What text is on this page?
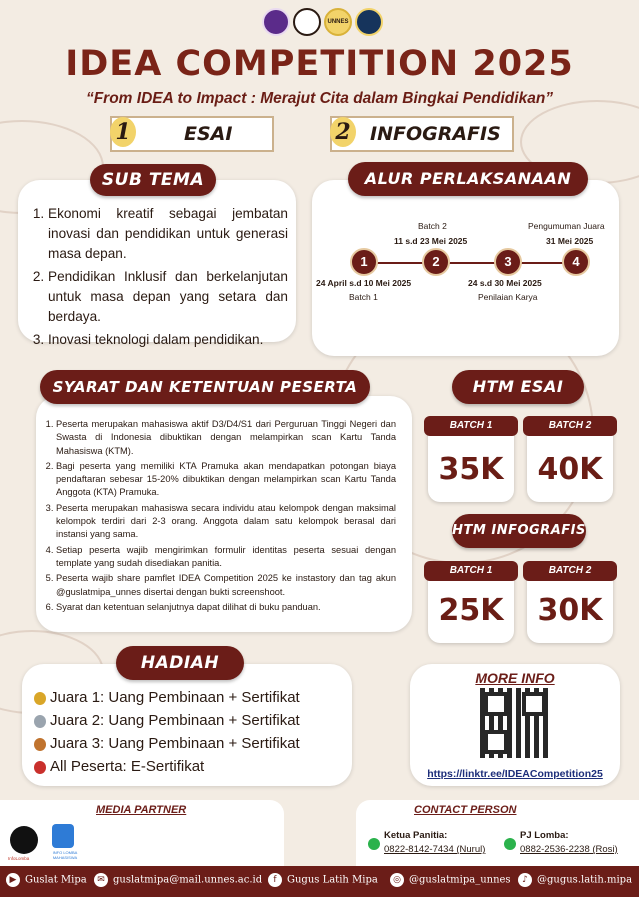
UNNES
IDEA COMPETITION 2025
“From IDEA to Impact : Merajut Cita dalam Bingkai Pendidikan”
ESAI
1	INFOGRAFIS
2
1. Ekonomi kreatif sebagai jembatan inovasi dan pendidikan untuk generasi masa depan.
2. Pendidikan Inklusif dan berkelanjutan untuk masa depan yang setara dan berdaya.
3. Inovasi teknologi dalam pendidikan.
SUB TEMA	ALUR PERLAKSANAAN
1	2	3	4
24 April s.d 10 Mei 2025
Batch 1
Batch 2
11 s.d 23 Mei 2025
24 s.d 30 Mei 2025
Penilaian Karya
Pengumuman Juara
31 Mei 2025
1. Peserta merupakan mahasiswa aktif D3/D4/S1 dari Perguruan Tinggi Negeri dan Swasta di Indonesia dibuktikan dengan melampirkan scan Kartu Tanda Mahasiswa (KTM).
2. Bagi peserta yang memiliki KTA Pramuka akan mendapatkan potongan biaya pendaftaran sebesar 15-20% dibuktikan dengan melampirkan scan Kartu Tanda Anggota (KTA) Pramuka.
3. Peserta merupakan mahasiswa secara individu atau kelompok dengan maksimal kelompok terdiri dari 2-3 orang. Anggota dalam satu kelompok berasal dari instansi yang sama.
4. Setiap peserta wajib mengirimkan formulir identitas peserta sesuai dengan template yang sudah disediakan panitia.
5. Peserta wajib share pamflet IDEA Competition 2025 ke instastory dan tag akun @guslatmipa_unnes disertai dengan bukti screenshoot.
6. Syarat dan ketentuan selanjutnya dapat dilihat di buku panduan.
SYARAT DAN KETENTUAN PESERTA	HTM ESAI
BATCH 1
35K
BATCH 2
40K
HTM INFOGRAFIS
BATCH 1
25K
BATCH 2
30K
Juara 1: Uang Pembinaan + Sertifikat
Juara 2: Uang Pembinaan + Sertifikat
Juara 3: Uang Pembinaan + Sertifikat
All Peserta: E-Sertifikat
HADIAH
MORE INFO
https://linktr.ee/IDEACompetition25
MEDIA PARTNER
InfoLomba
INFO LOMBA MAHASISWA
CONTACT PERSON
Ketua Panitia:
0822-8142-7434 (Nurul)
PJ Lomba:
0882-2536-2238 (Rosi)
▶ Guslat Mipa	✉ guslatmipa@mail.unnes.ac.id	f Gugus Latih Mipa	◎ @guslatmipa_unnes	♪ @gugus.latih.mipa
